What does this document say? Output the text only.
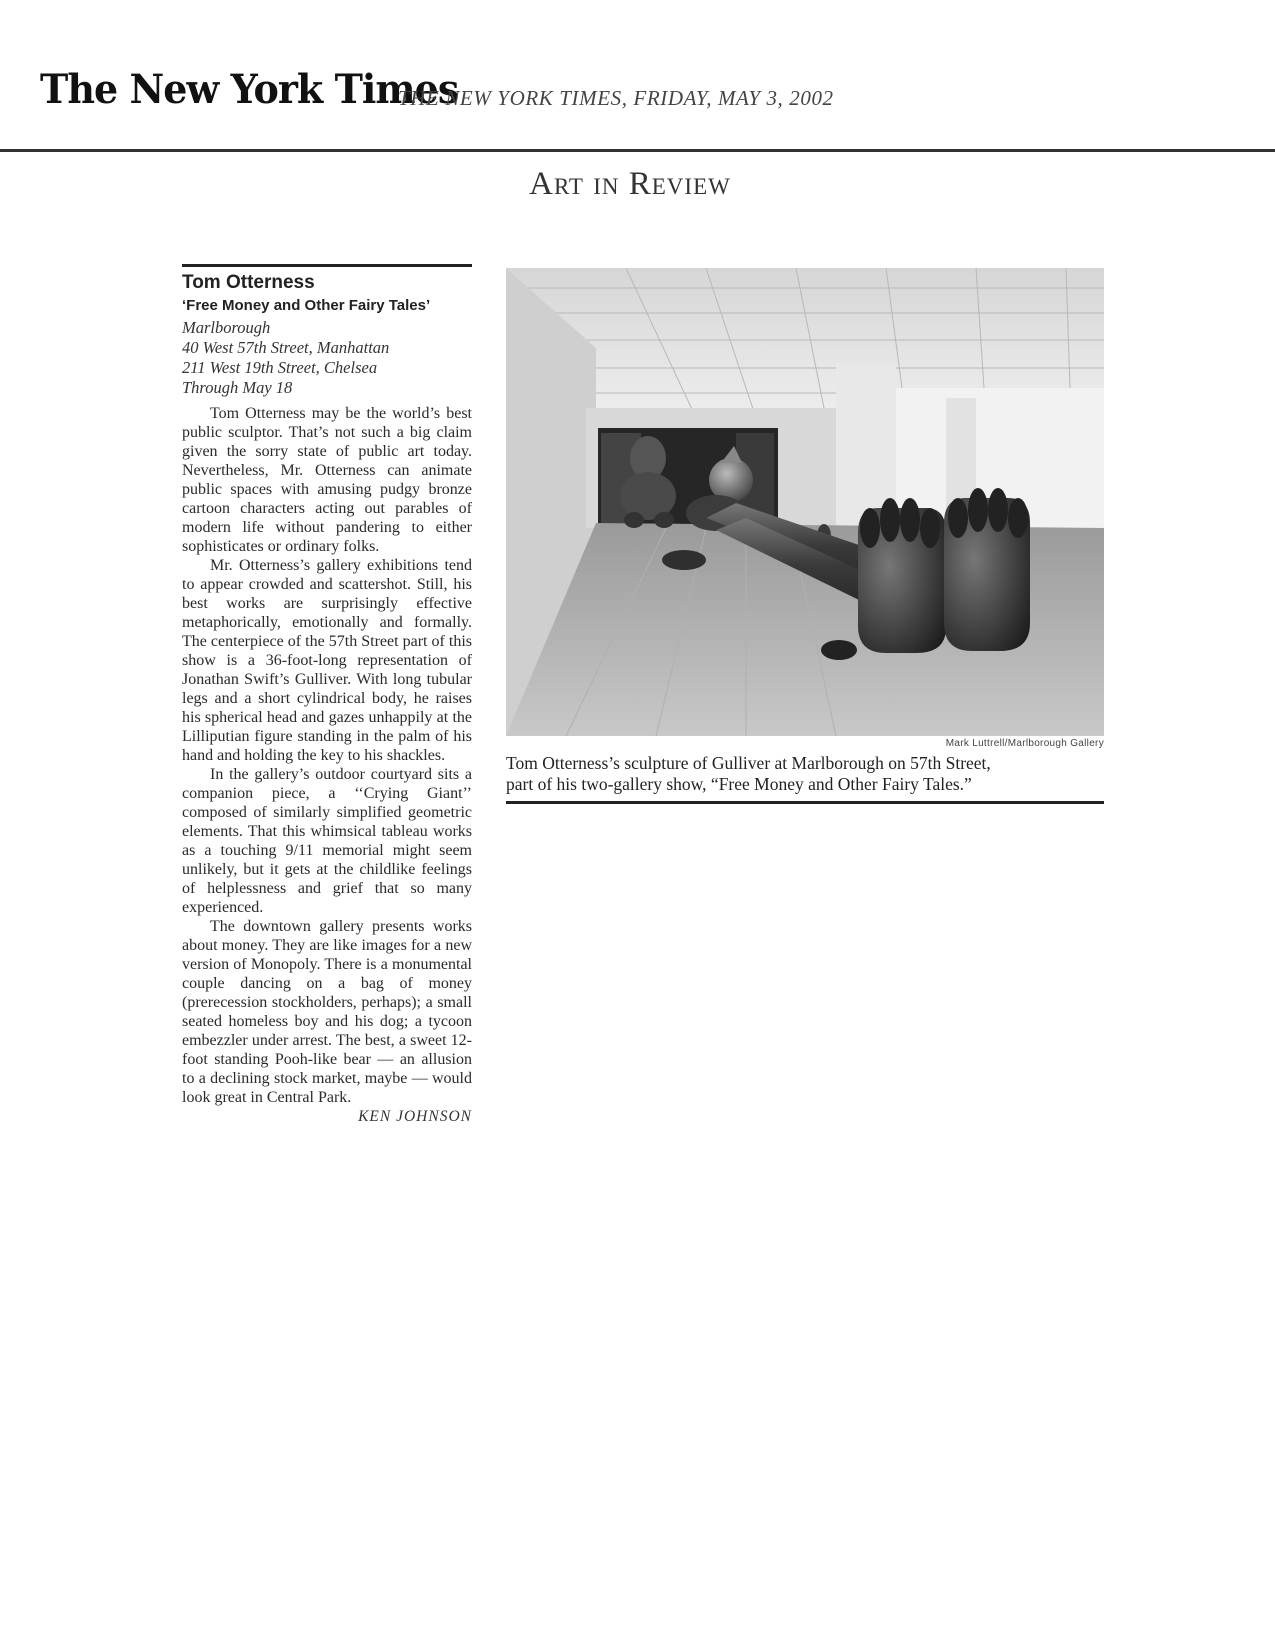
The New York Times
THE NEW YORK TIMES, FRIDAY, MAY 3, 2002
Art in Review
Tom Otterness
‘Free Money and Other Fairy Tales’
Marlborough
40 West 57th Street, Manhattan
211 West 19th Street, Chelsea
Through May 18

Tom Otterness may be the world’s best public sculptor. That’s not such a big claim given the sorry state of public art today. Nevertheless, Mr. Otterness can animate public spaces with amusing pudgy bronze cartoon characters acting out parables of modern life without pandering to either sophisticates or ordinary folks.

Mr. Otterness’s gallery exhibitions tend to appear crowded and scattershot. Still, his best works are surprisingly effective metaphorically, emotionally and formally. The centerpiece of the 57th Street part of this show is a 36-foot-long representation of Jonathan Swift’s Gulliver. With long tubular legs and a short cylindrical body, he raises his spherical head and gazes unhappily at the Lilliputian figure standing in the palm of his hand and holding the key to his shackles.

In the gallery’s outdoor courtyard sits a companion piece, a ‘‘Crying Giant’’ composed of similarly simplified geometric elements. That this whimsical tableau works as a touching 9/11 memorial might seem unlikely, but it gets at the childlike feelings of helplessness and grief that so many experienced.

The downtown gallery presents works about money. They are like images for a new version of Monopoly. There is a monumental couple dancing on a bag of money (prerecession stockholders, perhaps); a small seated homeless boy and his dog; a tycoon embezzler under arrest. The best, a sweet 12-foot standing Pooh-like bear — an allusion to a declining stock market, maybe — would look great in Central Park.

KEN JOHNSON
Mark Luttrell/Marlborough Gallery
Tom Otterness’s sculpture of Gulliver at Marlborough on 57th Street,
part of his two-gallery show, “Free Money and Other Fairy Tales.”
